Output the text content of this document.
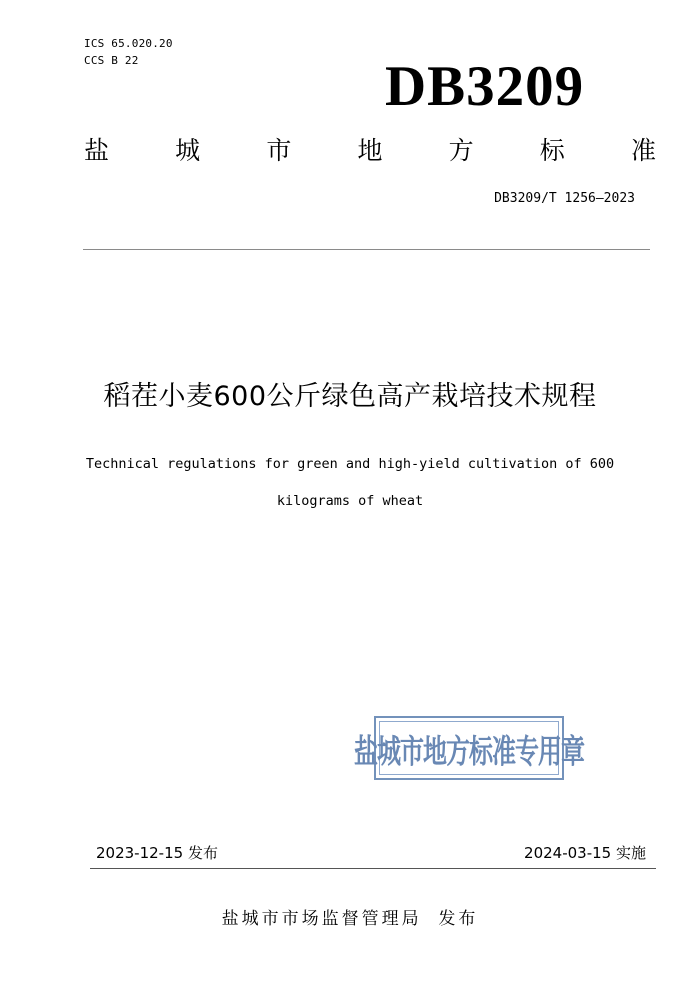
ICS 65.020.20
CCS B 22	DB3209
盐	城	市	地	方	标	准
DB3209/T 1256—2023
稻茬小麦600公斤绿色高产栽培技术规程
Technical regulations for green and high-yield cultivation of 600
kilograms of wheat
盐城市地方标准专用章
2023-12-15 发布	2024-03-15 实施
盐城市市场监督管理局  发布
